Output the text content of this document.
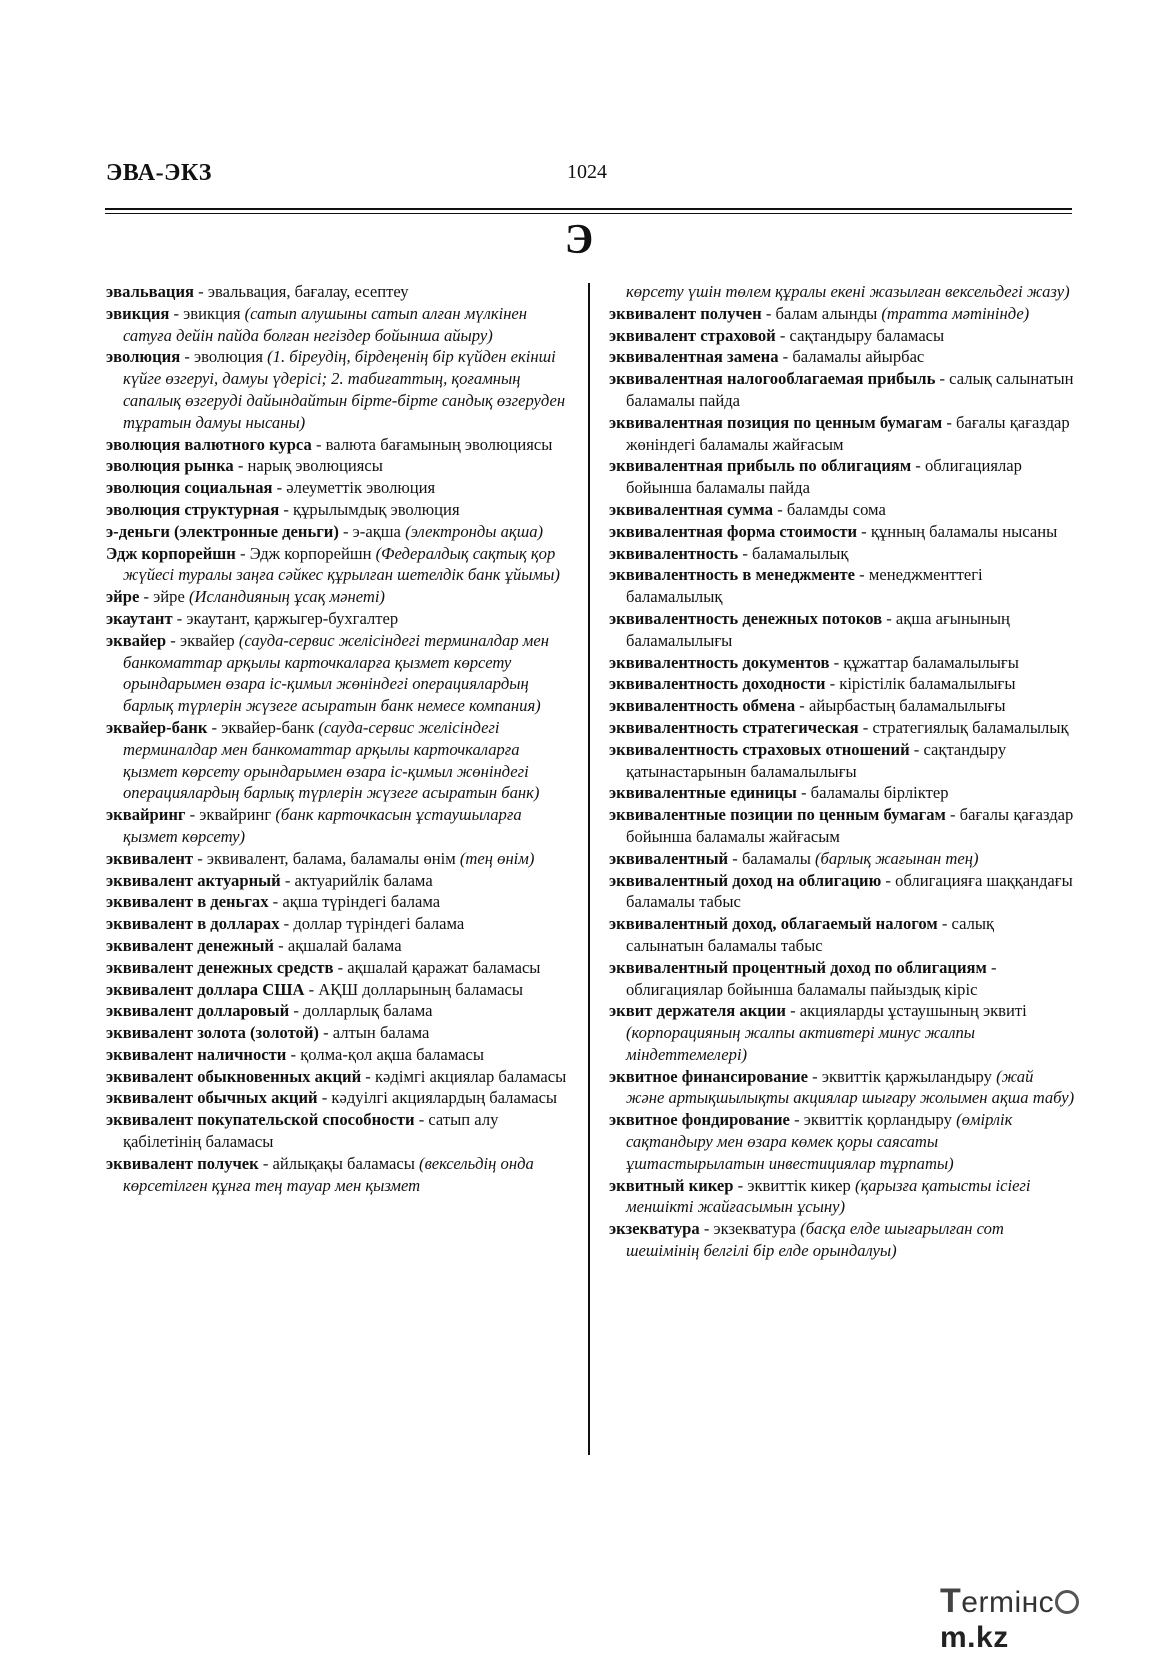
ЭВА-ЭКЗ	1024
Э

эвальвация - эвальвация, бағалау, есептеу

эвикция - эвикция (сатып алушыны сатып алған мүлкінен сатуға дейін пайда болған негіздер бойынша айыру)

эволюция - эволюция (1. біреудің, бірдеңенің бір күйден екінші күйге өзгеруі, дамуы үдерісі; 2. табиғаттың, қоғамның сапалық өзгеруді дайындайтын бірте-бірте сандық өзгеруден тұратын дамуы нысаны)

эволюция валютного курса - валюта бағамының эволюциясы

эволюция рынка - нарық эволюциясы

эволюция социальная - әлеуметтік эволюция

эволюция структурная - құрылымдық эволюция

э-деньги (электронные деньги) - э-ақша (электронды ақша)

Эдж корпорейшн - Эдж корпорейшн (Федералдық сақтық қор жүйесі туралы заңға сәйкес құрылған шетелдік банк ұйымы)

эйре - эйре (Исландияның ұсақ мәнеті)

экаутант - экаутант, қаржыгер-бухгалтер

эквайер - эквайер (сауда-сервис желісіндегі терминалдар мен банкоматтар арқылы карточкаларға қызмет көрсету орындарымен өзара іс-қимыл жөніндегі операциялардың барлық түрлерін жүзеге асыратын банк немесе компания)

эквайер-банк - эквайер-банк (сауда-сервис желісіндегі терминалдар мен банкоматтар арқылы карточкаларға қызмет көрсету орындарымен өзара іс-қимыл жөніндегі операциялардың барлық түрлерін жүзеге асыратын банк)

эквайринг - эквайринг (банк карточкасын ұстаушыларға қызмет көрсету)

эквивалент - эквивалент, балама, баламалы өнім (тең өнім)

эквивалент актуарный - актуарийлік балама

эквивалент в деньгах - ақша түріндегі балама

эквивалент в долларах - доллар түріндегі балама

эквивалент денежный - ақшалай балама

эквивалент денежных средств - ақшалай қаражат баламасы

эквивалент доллара США - АҚШ долларының баламасы

эквивалент долларовый - долларлық балама

эквивалент золота (золотой) - алтын балама

эквивалент наличности - қолма-қол ақша баламасы

эквивалент обыкновенных акций - кәдімгі акциялар баламасы

эквивалент обычных акций - кәдуілгі акциялардың баламасы

эквивалент покупательской способности - сатып алу қабілетінің баламасы

эквивалент получек - айлықақы баламасы (вексельдің онда көрсетілген құнға тең тауар мен қызмет

көрсету үшін төлем құралы екені жазылған вексельдегі жазу)

эквивалент получен - балам алынды (тратта мәтінінде)

эквивалент страховой - сақтандыру баламасы

эквивалентная замена - баламалы айырбас

эквивалентная налогооблагаемая прибыль - салық салынатын баламалы пайда

эквивалентная позиция по ценным бумагам - бағалы қағаздар жөніндегі баламалы жайғасым

эквивалентная прибыль по облигациям - облигациялар бойынша баламалы пайда

эквивалентная сумма - баламды сома

эквивалентная форма стоимости - құнның баламалы нысаны

эквивалентность - баламалылық

эквивалентность в менеджменте - менеджменттегі баламалылық

эквивалентность денежных потоков - ақша ағынының баламалылығы

эквивалентность документов - құжаттар баламалылығы

эквивалентность доходности - кірістілік баламалылығы

эквивалентность обмена - айырбастың баламалылығы

эквивалентность стратегическая - стратегиялық баламалылық

эквивалентность страховых отношений - сақтандыру қатынастарынын баламалылығы

эквивалентные единицы - баламалы бірліктер

эквивалентные позиции по ценным бумагам - бағалы қағаздар бойынша баламалы жайғасым

эквивалентный - баламалы (барлық жағынан тең)

эквивалентный доход на облигацию - облигацияға шаққандағы баламалы табыс

эквивалентный доход, облагаемый налогом - салық салынатын баламалы табыс

эквивалентный процентный доход по облигациям - облигациялар бойынша баламалы пайыздық кіріс

эквит держателя акции - акцияларды ұстаушының эквиті (корпорацияның жалпы активтері минус жалпы міндеттемелері)

эквитное финансирование - эквиттік қаржыландыру (жай және артықшылықты акциялар шығару жолымен ақша табу)

эквитное фондирование - эквиттік қорландыру (өмірлік сақтандыру мен өзара көмек қоры саясаты ұштастырылатын инвестициялар тұрпаты)

эквитный кикер - эквиттік кикер (қарызға қатысты ісіегі меншікті жайғасымын ұсыну)

экзекватура - экзекватура (басқа елде шығарылған сот шешімінің белгілі бір елде орындалуы)

Termінcm.kz
